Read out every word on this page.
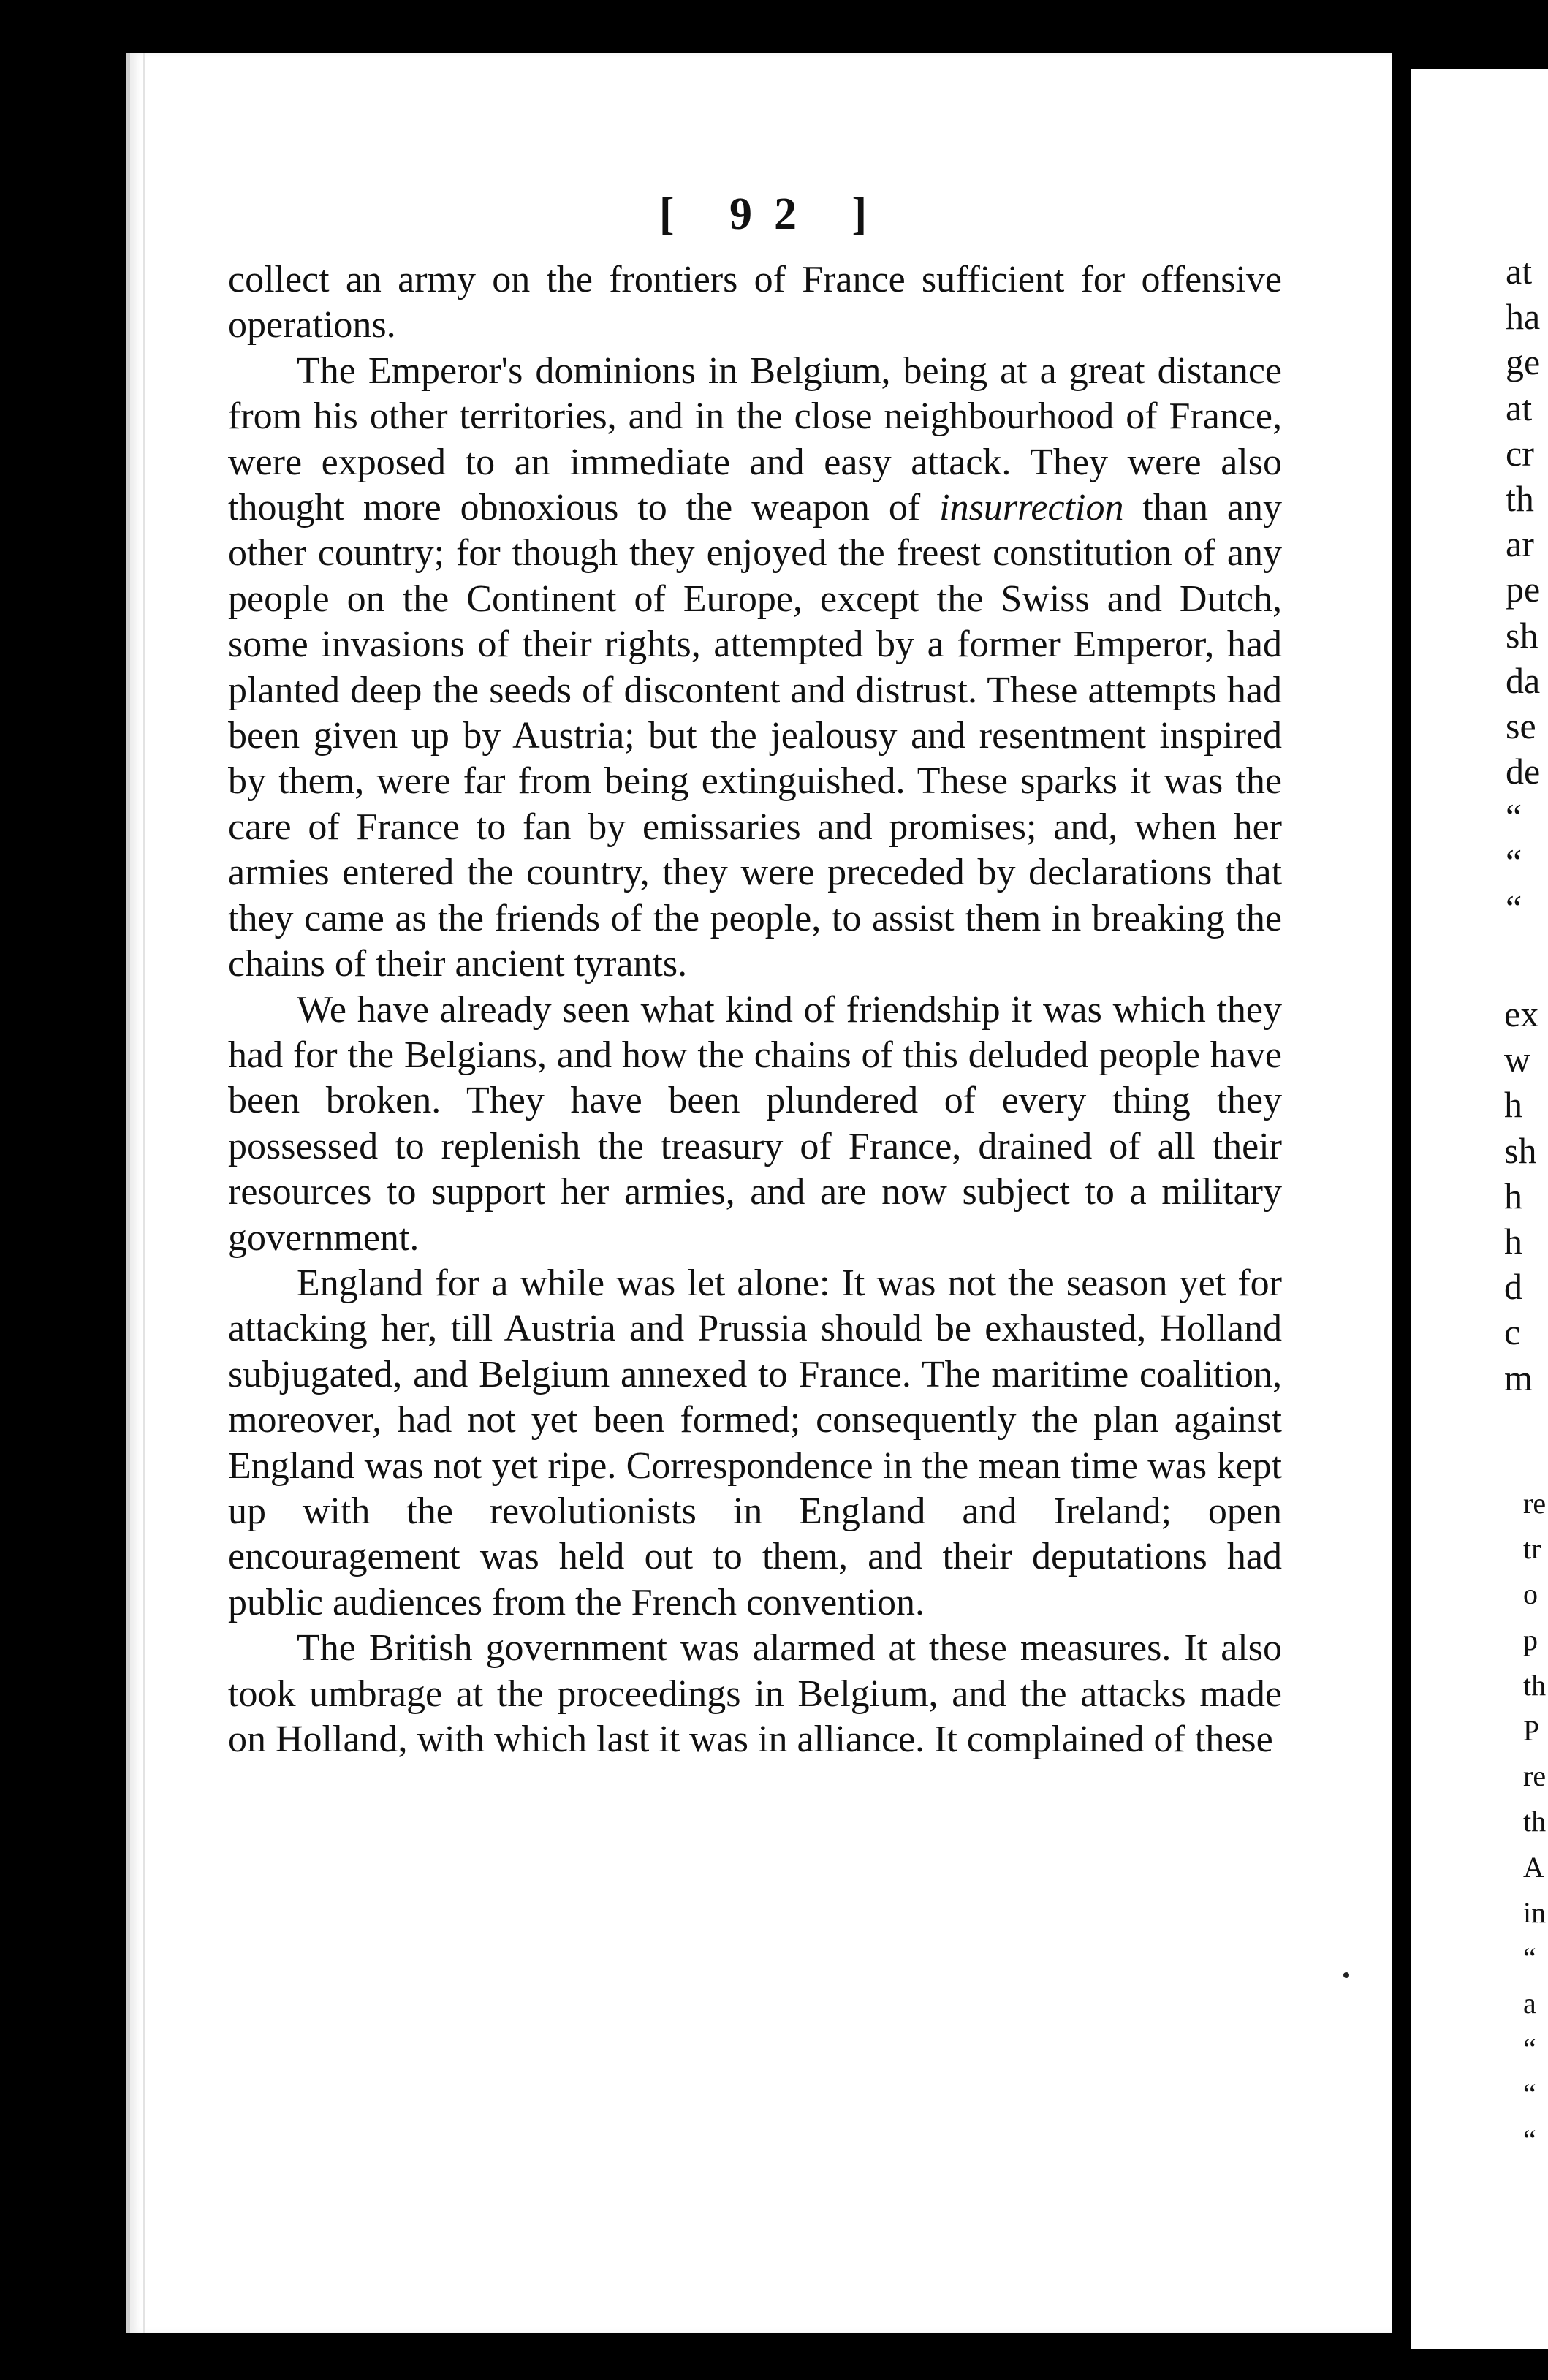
[ 92 ]

collect an army on the frontiers of France sufficient for offensive operations.

The Emperor's dominions in Belgium, being at a great distance from his other territories, and in the close neighbourhood of France, were exposed to an immediate and easy attack. They were also thought more obnoxious to the weapon of insurrection than any other country; for though they enjoyed the freest constitution of any people on the Continent of Europe, except the Swiss and Dutch, some invasions of their rights, attempted by a former Emperor, had planted deep the seeds of discontent and distrust. These attempts had been given up by Austria; but the jealousy and resentment inspired by them, were far from being extinguished. These sparks it was the care of France to fan by emissaries and promises; and, when her armies entered the country, they were preceded by declarations that they came as the friends of the people, to assist them in breaking the chains of their ancient tyrants.

We have already seen what kind of friendship it was which they had for the Belgians, and how the chains of this deluded people have been broken. They have been plundered of every thing they possessed to replenish the treasury of France, drained of all their resources to support her armies, and are now subject to a military government.

England for a while was let alone: It was not the season yet for attacking her, till Austria and Prussia should be exhausted, Holland subjugated, and Belgium annexed to France. The maritime coalition, moreover, had not yet been formed; consequently the plan against England was not yet ripe. Correspondence in the mean time was kept up with the revolutionists in England and Ireland; open encouragement was held out to them, and their deputations had public audiences from the French convention.

The British government was alarmed at these measures. It also took umbrage at the proceedings in Belgium, and the attacks made on Holland, with which last it was in alliance. It complained of these

at
ha
ge
at
cr
th
ar
pe
sh
da
se
de
“
“
“
ex
w
h
sh
h
h
d
c
m
re
tr
o
p
th
P
re
th
A
in
“
a
“
“
“
